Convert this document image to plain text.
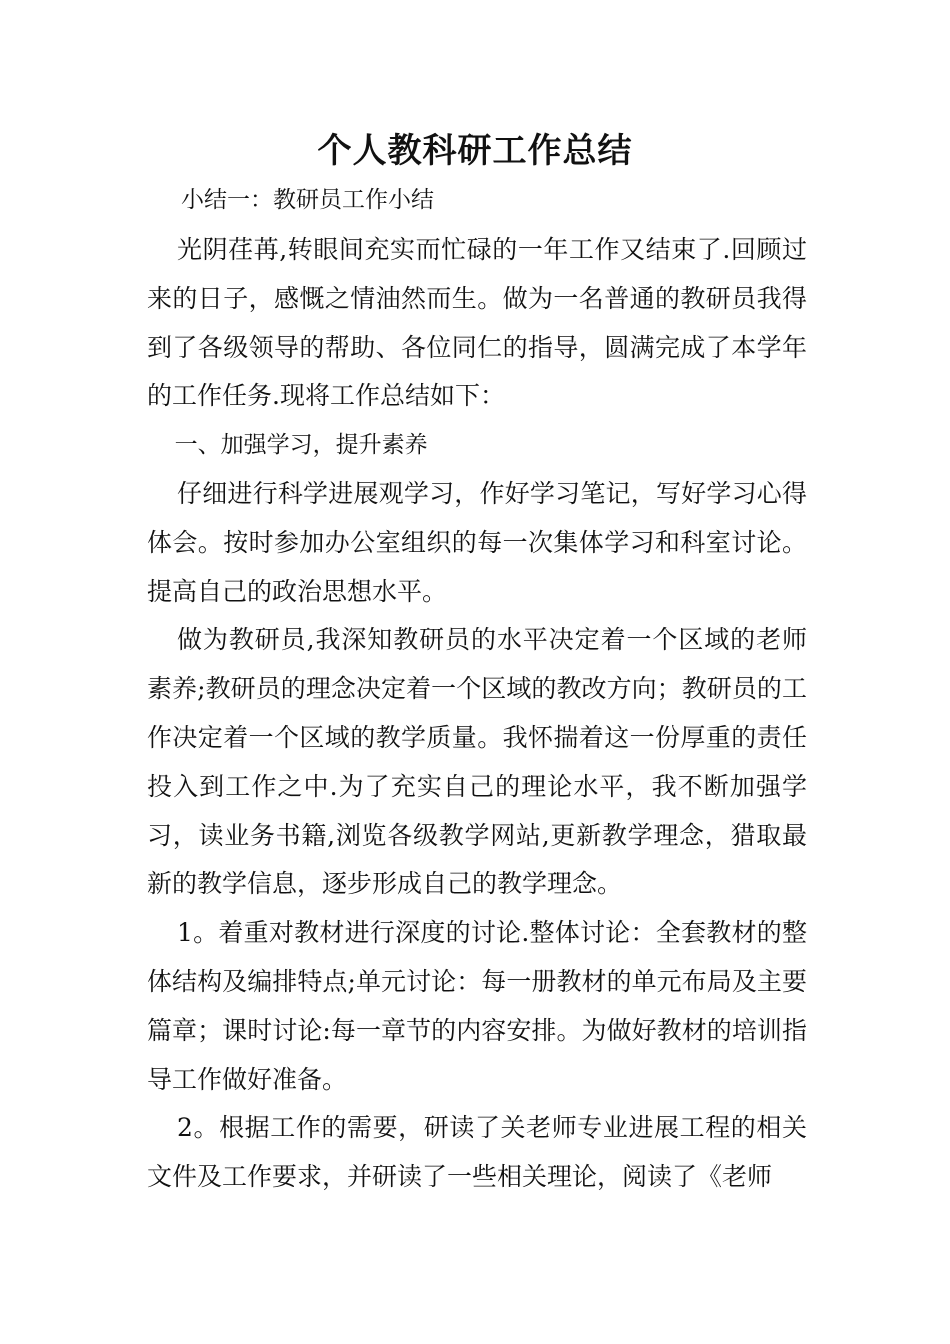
个人教科研工作总结
小结一：教研员工作小结

光阴荏苒,转眼间充实而忙碌的一年工作又结束了.回顾过来的日子，感慨之情油然而生。做为一名普通的教研员我得到了各级领导的帮助、各位同仁的指导，圆满完成了本学年的工作任务.现将工作总结如下：

一、加强学习，提升素养

仔细进行科学进展观学习，作好学习笔记，写好学习心得体会。按时参加办公室组织的每一次集体学习和科室讨论。提高自己的政治思想水平。

做为教研员,我深知教研员的水平决定着一个区域的老师素养;教研员的理念决定着一个区域的教改方向；教研员的工作决定着一个区域的教学质量。我怀揣着这一份厚重的责任投入到工作之中.为了充实自己的理论水平，我不断加强学习，读业务书籍,浏览各级教学网站,更新教学理念，猎取最新的教学信息，逐步形成自己的教学理念。

1。着重对教材进行深度的讨论.整体讨论：全套教材的整体结构及编排特点;单元讨论：每一册教材的单元布局及主要篇章；课时讨论:每一章节的内容安排。为做好教材的培训指导工作做好准备。

2。根据工作的需要，研读了关老师专业进展工程的相关文件及工作要求，并研读了一些相关理论，阅读了《老师
